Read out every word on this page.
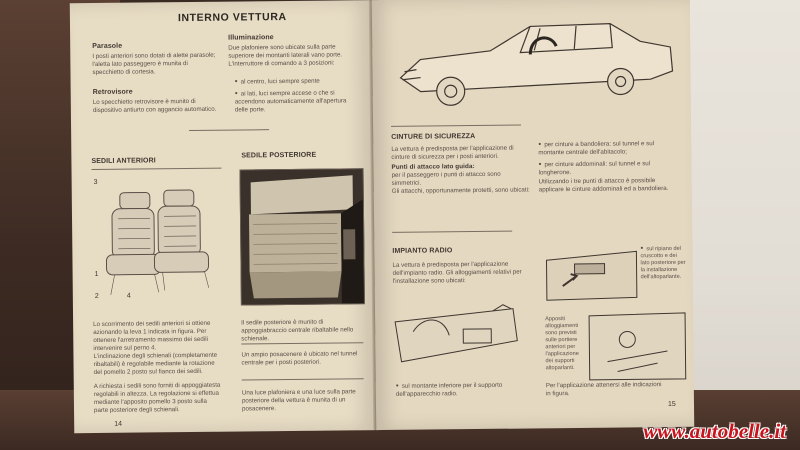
INTERNO VETTURA
Parasole
I posti anteriori sono dotati di alette parasole; l'aletta lato passeggero è munita di specchietto di cortesia.
Retrovisore
Lo specchietto retrovisore è munito di dispositivo antiurto con aggancio automatico.
Illuminazione
Due plafoniere sono ubicate sulla parte superiore dei montanti laterali vano porte. L'interruttore di comando a 3 posizioni:
● al centro, luci sempre spente
● ai lati, luci sempre accese o che si accendono automaticamente all'apertura delle porte.
SEDILI ANTERIORI
SEDILE POSTERIORE
3
1
2	4
Lo scorrimento dei sedili anteriori si ottiene azionando la leva 1 indicata in figura. Per ottenere l'arretramento massimo dei sedili intervenire sul perno 4.
L'inclinazione degli schienali (completamente ribaltabili) è regolabile mediante la rotazione del pomello 2 posto sul fianco dei sedili.
A richiesta i sedili sono forniti di appoggiatesta regolabili in altezza. La regolazione si effettua mediante l'apposito pomello 3 posto sulla parte posteriore degli schienali.
Il sedile posteriore è munito di appoggiabraccio centrale ribaltabile nello schienale.
Un ampio posacenere è ubicato nel tunnel centrale per i posti posteriori.
Una luce plafoniera e una luce sulla parte posteriore della vettura è munita di un posacenere.
14
CINTURE DI SICUREZZA
La vettura è predisposta per l'applicazione di cinture di sicurezza per i posti anteriori.
Punti di attacco lato guida:
per il passeggero i punti di attacco sono simmetrici.
Gli attacchi, opportunamente protetti, sono ubicati:
● per cinture a bandoliera: sul tunnel e sul montante centrale dell'abitacolo;
● per cinture addominali: sul tunnel e sul longherone.
Utilizzando i tre punti di attacco è possibile applicare le cinture addominali ed a bandoliera.
IMPIANTO RADIO
La vettura è predisposta per l'applicazione dell'impianto radio. Gli alloggiamenti relativi per l'installazione sono ubicati:
● sul ripiano del cruscotto e dei lato posteriore per la installazione dell'altoparlante.
Appositi alloggiamenti sono previsti sulle portiere anteriori per l'applicazione dei supporti altoparlanti.
● sul montante inferiore per il supporto dell'apparecchio radio.
Per l'applicazione attenersi alle indicazioni in figura.
15
www.autobelle.it
